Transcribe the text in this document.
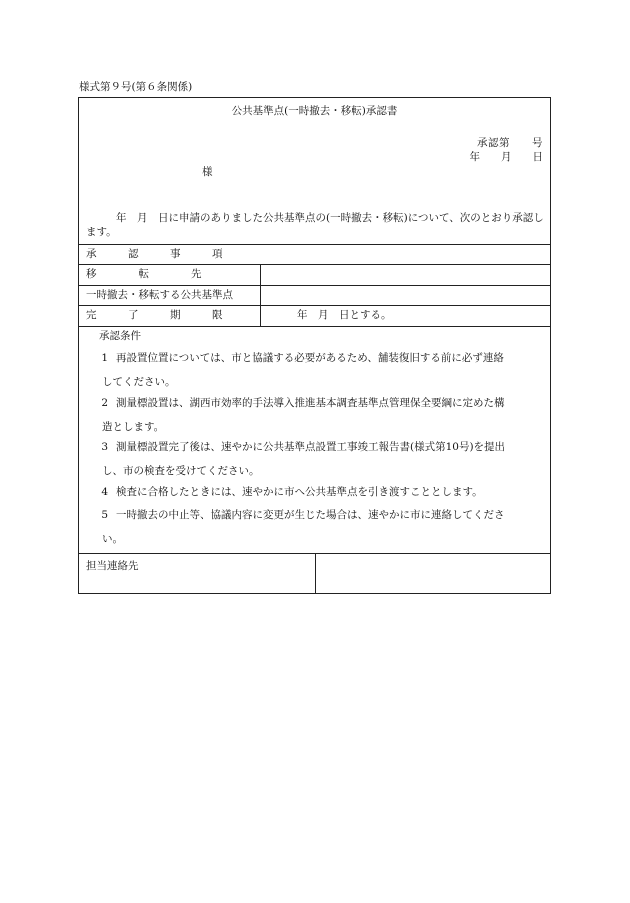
様式第９号(第６条関係)
公共基準点(一時撤去・移転)承認書
承認第　　号
年　　月　　日
様
年　月　日に申請のありました公共基準点の(一時撤去・移転)について、次のとおり承認します。
承　　　認　　　事　　　項
移　　　　転　　　　先
一時撤去・移転する公共基準点
完　　　了　　　期　　　限	年　月　日とする。
承認条件
1 再設置位置については、市と協議する必要があるため、舗装復旧する前に必ず連絡
してください。
2 測量標設置は、湖西市効率的手法導入推進基本調査基準点管理保全要綱に定めた構
造とします。
3 測量標設置完了後は、速やかに公共基準点設置工事竣工報告書(様式第10号)を提出
し、市の検査を受けてください。
4 検査に合格したときには、速やかに市へ公共基準点を引き渡すこととします。
5 一時撤去の中止等、協議内容に変更が生じた場合は、速やかに市に連絡してくださ
い。
担当連絡先
